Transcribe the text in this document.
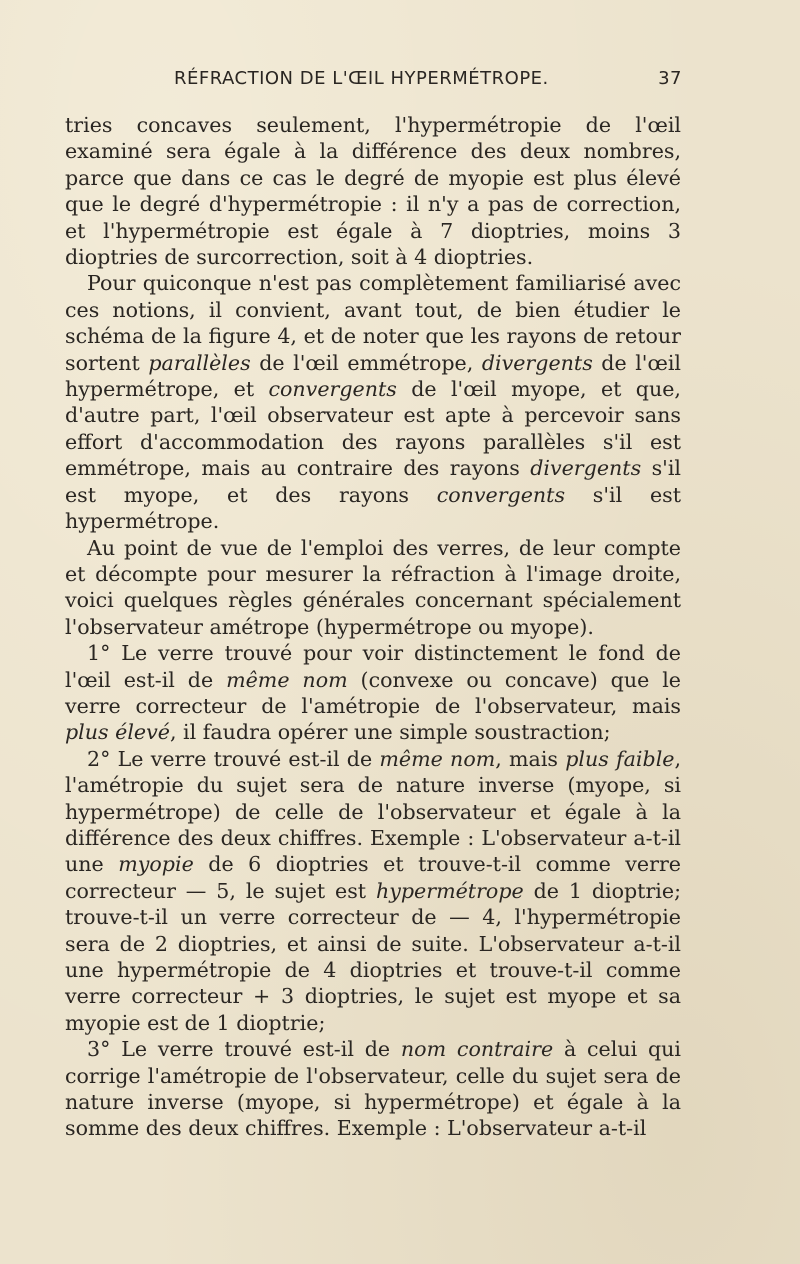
RÉFRACTION DE L'ŒIL HYPERMÉTROPE.	37

tries concaves seulement, l'hypermétropie de l'œil examiné sera égale à la différence des deux nombres, parce que dans ce cas le degré de myopie est plus élevé que le degré d'hypermétropie : il n'y a pas de correction, et l'hypermétropie est égale à 7 dioptries, moins 3 dioptries de surcorrection, soit à 4 dioptries.

Pour quiconque n'est pas complètement familiarisé avec ces notions, il convient, avant tout, de bien étudier le schéma de la figure 4, et de noter que les rayons de retour sortent parallèles de l'œil emmétrope, divergents de l'œil hypermétrope, et convergents de l'œil myope, et que, d'autre part, l'œil observateur est apte à percevoir sans effort d'accommodation des rayons parallèles s'il est emmétrope, mais au contraire des rayons divergents s'il est myope, et des rayons convergents s'il est hypermétrope.

Au point de vue de l'emploi des verres, de leur compte et décompte pour mesurer la réfraction à l'image droite, voici quelques règles générales concernant spécialement l'observateur amétrope (hypermétrope ou myope).

1° Le verre trouvé pour voir distinctement le fond de l'œil est-il de même nom (convexe ou concave) que le verre correcteur de l'amétropie de l'observateur, mais plus élevé, il faudra opérer une simple soustraction;

2° Le verre trouvé est-il de même nom, mais plus faible, l'amétropie du sujet sera de nature inverse (myope, si hypermétrope) de celle de l'observateur et égale à la différence des deux chiffres. Exemple : L'observateur a-t-il une myopie de 6 dioptries et trouve-t-il comme verre correcteur — 5, le sujet est hypermétrope de 1 dioptrie; trouve-t-il un verre correcteur de — 4, l'hypermétropie sera de 2 dioptries, et ainsi de suite. L'observateur a-t-il une hypermétropie de 4 dioptries et trouve-t-il comme verre correcteur + 3 dioptries, le sujet est myope et sa myopie est de 1 dioptrie;

3° Le verre trouvé est-il de nom contraire à celui qui corrige l'amétropie de l'observateur, celle du sujet sera de nature inverse (myope, si hypermétrope) et égale à la somme des deux chiffres. Exemple : L'observateur a-t-il
